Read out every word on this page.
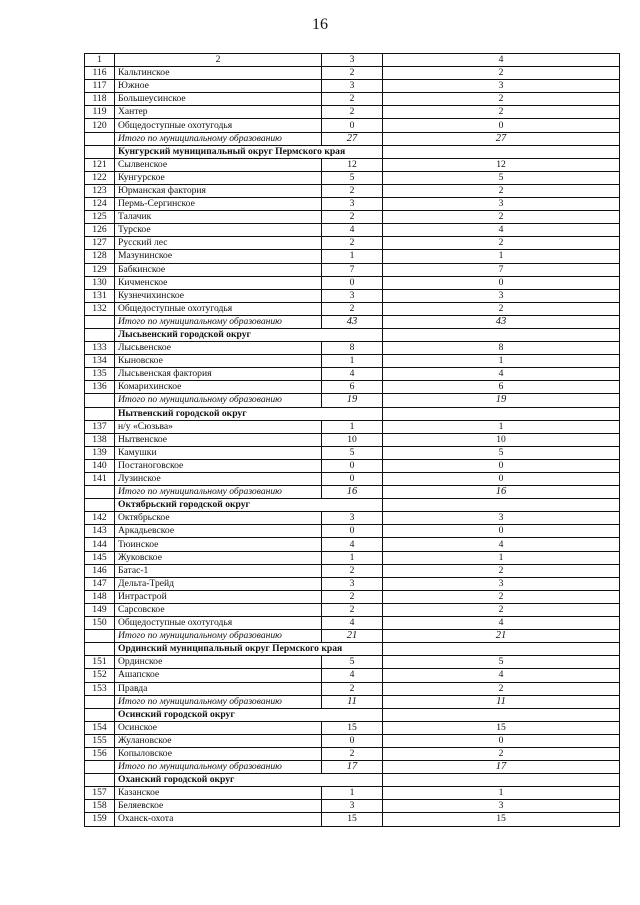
16
1	2	3	4
116	Кальтинское	2	2
117	Южное	3	3
118	Большеусинское	2	2
119	Хантер	2	2
120	Общедоступные охотугодья	0	0
	Итого по муниципальному образованию	27	27
	Кунгурский муниципальный округ Пермского края		
121	Сылвенское	12	12
122	Кунгурское	5	5
123	Юрманская фактория	2	2
124	Пермь-Сергинское	3	3
125	Талачик	2	2
126	Турское	4	4
127	Русский лес	2	2
128	Мазунинское	1	1
129	Бабкинское	7	7
130	Кичменское	0	0
131	Кузнечихинское	3	3
132	Общедоступные охотугодья	2	2
	Итого по муниципальному образованию	43	43
	Лысьвенский городской округ		
133	Лысьвенское	8	8
134	Кыновское	1	1
135	Лысьвенская фактория	4	4
136	Комарихинское	6	6
	Итого по муниципальному образованию	19	19
	Нытвенский городской округ		
137	н/у «Сюзьва»	1	1
138	Нытвенское	10	10
139	Камушки	5	5
140	Постаноговское	0	0
141	Лузинское	0	0
	Итого по муниципальному образованию	16	16
	Октябрьский городской округ		
142	Октябрьское	3	3
143	Аркадьевское	0	0
144	Тюинское	4	4
145	Жуковское	1	1
146	Батас-1	2	2
147	Дельта-Трейд	3	3
148	Интрастрой	2	2
149	Сарсовское	2	2
150	Общедоступные охотугодья	4	4
	Итого по муниципальному образованию	21	21
	Ординский муниципальный округ Пермского края		
151	Ординское	5	5
152	Ашапское	4	4
153	Правда	2	2
	Итого по муниципальному образованию	11	11
	Осинский городской округ		
154	Осинское	15	15
155	Жулановское	0	0
156	Копыловское	2	2
	Итого по муниципальному образованию	17	17
	Оханский городской округ		
157	Казанское	1	1
158	Беляевское	3	3
159	Оханск-охота	15	15
